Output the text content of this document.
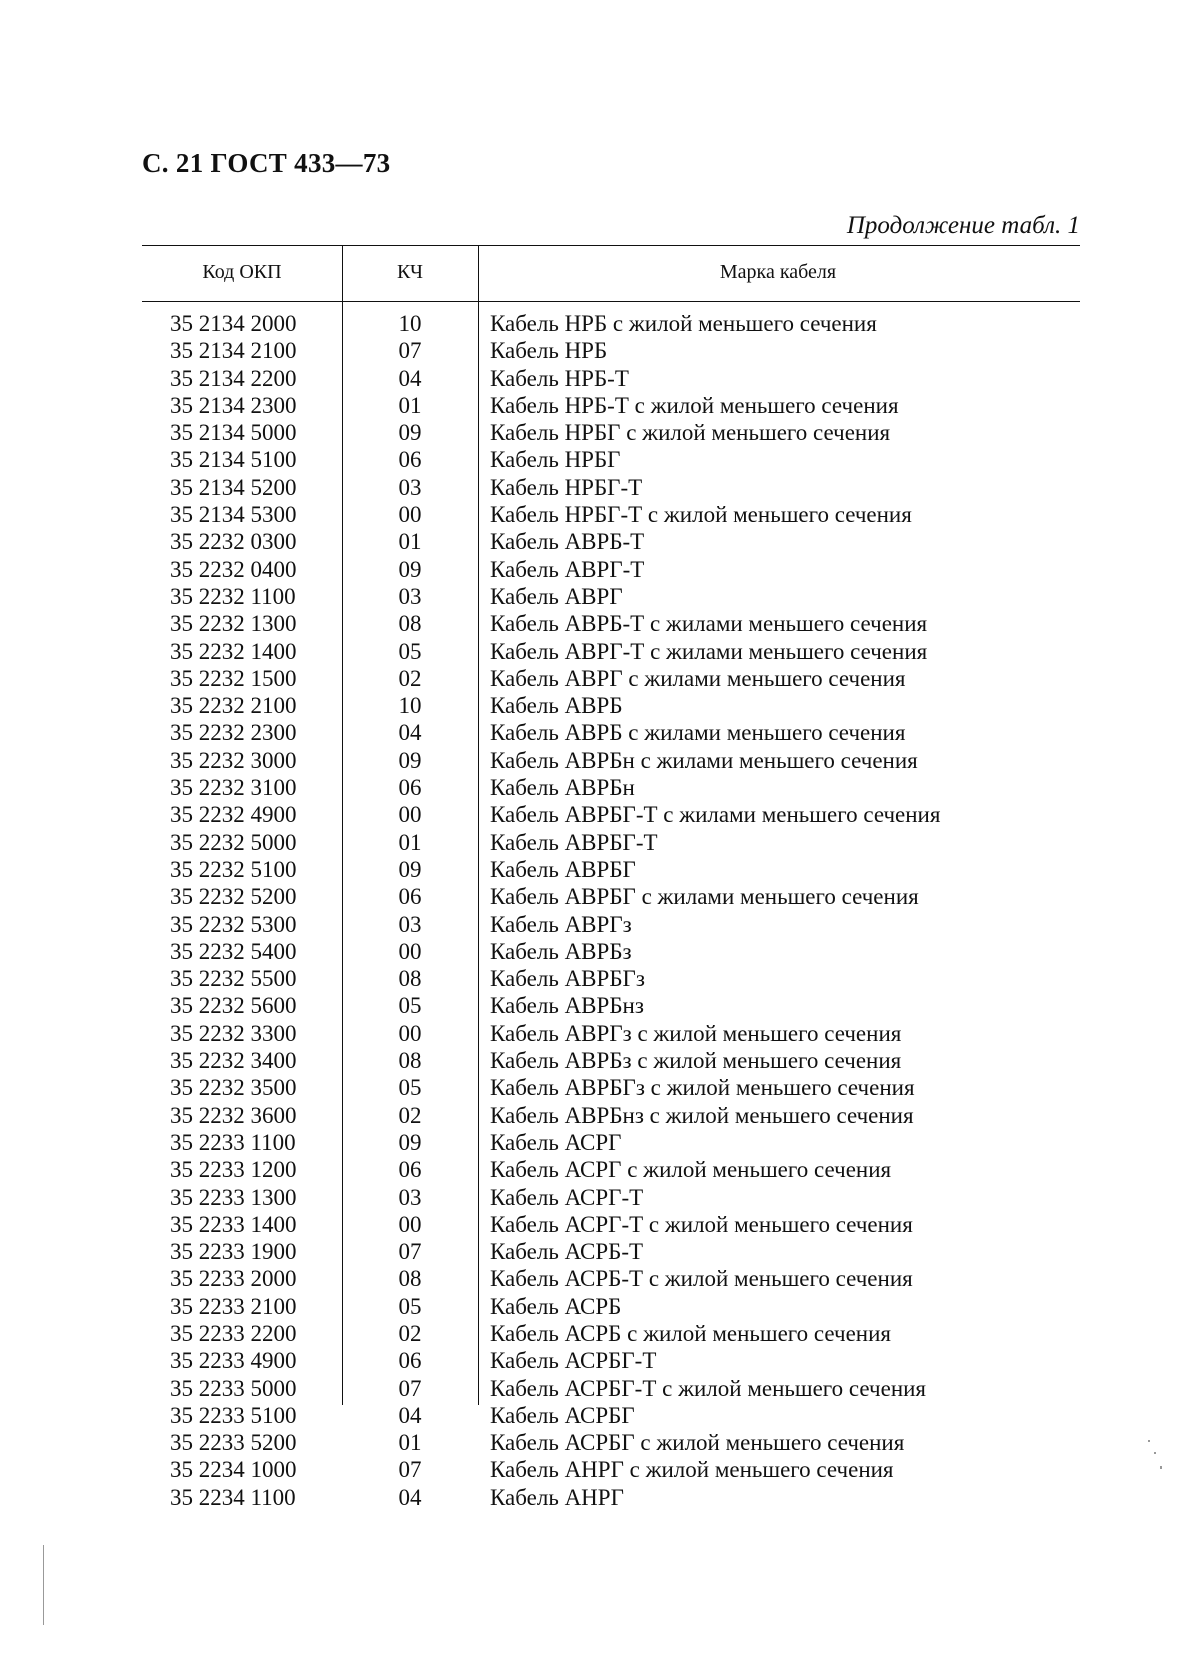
С. 21 ГОСТ 433—73
Продолжение табл. 1
Код ОКП	КЧ	Марка кабеля
35 2134 2000	10	Кабель НРБ с жилой меньшего сечения
35 2134 2100	07	Кабель НРБ
35 2134 2200	04	Кабель НРБ-Т
35 2134 2300	01	Кабель НРБ-Т с жилой меньшего сечения
35 2134 5000	09	Кабель НРБГ с жилой меньшего сечения
35 2134 5100	06	Кабель НРБГ
35 2134 5200	03	Кабель НРБГ-Т
35 2134 5300	00	Кабель НРБГ-Т с жилой меньшего сечения
35 2232 0300	01	Кабель АВРБ-Т
35 2232 0400	09	Кабель АВРГ-Т
35 2232 1100	03	Кабель АВРГ
35 2232 1300	08	Кабель АВРБ-Т с жилами меньшего сечения
35 2232 1400	05	Кабель АВРГ-Т с жилами меньшего сечения
35 2232 1500	02	Кабель АВРГ с жилами меньшего сечения
35 2232 2100	10	Кабель АВРБ
35 2232 2300	04	Кабель АВРБ с жилами меньшего сечения
35 2232 3000	09	Кабель АВРБн с жилами меньшего сечения
35 2232 3100	06	Кабель АВРБн
35 2232 4900	00	Кабель АВРБГ-Т с жилами меньшего сечения
35 2232 5000	01	Кабель АВРБГ-Т
35 2232 5100	09	Кабель АВРБГ
35 2232 5200	06	Кабель АВРБГ с жилами меньшего сечения
35 2232 5300	03	Кабель АВРГз
35 2232 5400	00	Кабель АВРБз
35 2232 5500	08	Кабель АВРБГз
35 2232 5600	05	Кабель АВРБнз
35 2232 3300	00	Кабель АВРГз с жилой меньшего сечения
35 2232 3400	08	Кабель АВРБз с жилой меньшего сечения
35 2232 3500	05	Кабель АВРБГз с жилой меньшего сечения
35 2232 3600	02	Кабель АВРБнз с жилой меньшего сечения
35 2233 1100	09	Кабель АСРГ
35 2233 1200	06	Кабель АСРГ с жилой меньшего сечения
35 2233 1300	03	Кабель АСРГ-Т
35 2233 1400	00	Кабель АСРГ-Т с жилой меньшего сечения
35 2233 1900	07	Кабель АСРБ-Т
35 2233 2000	08	Кабель АСРБ-Т с жилой меньшего сечения
35 2233 2100	05	Кабель АСРБ
35 2233 2200	02	Кабель АСРБ с жилой меньшего сечения
35 2233 4900	06	Кабель АСРБГ-Т
35 2233 5000	07	Кабель АСРБГ-Т с жилой меньшего сечения
35 2233 5100	04	Кабель АСРБГ
35 2233 5200	01	Кабель АСРБГ с жилой меньшего сечения
35 2234 1000	07	Кабель АНРГ с жилой меньшего сечения
35 2234 1100	04	Кабель АНРГ
